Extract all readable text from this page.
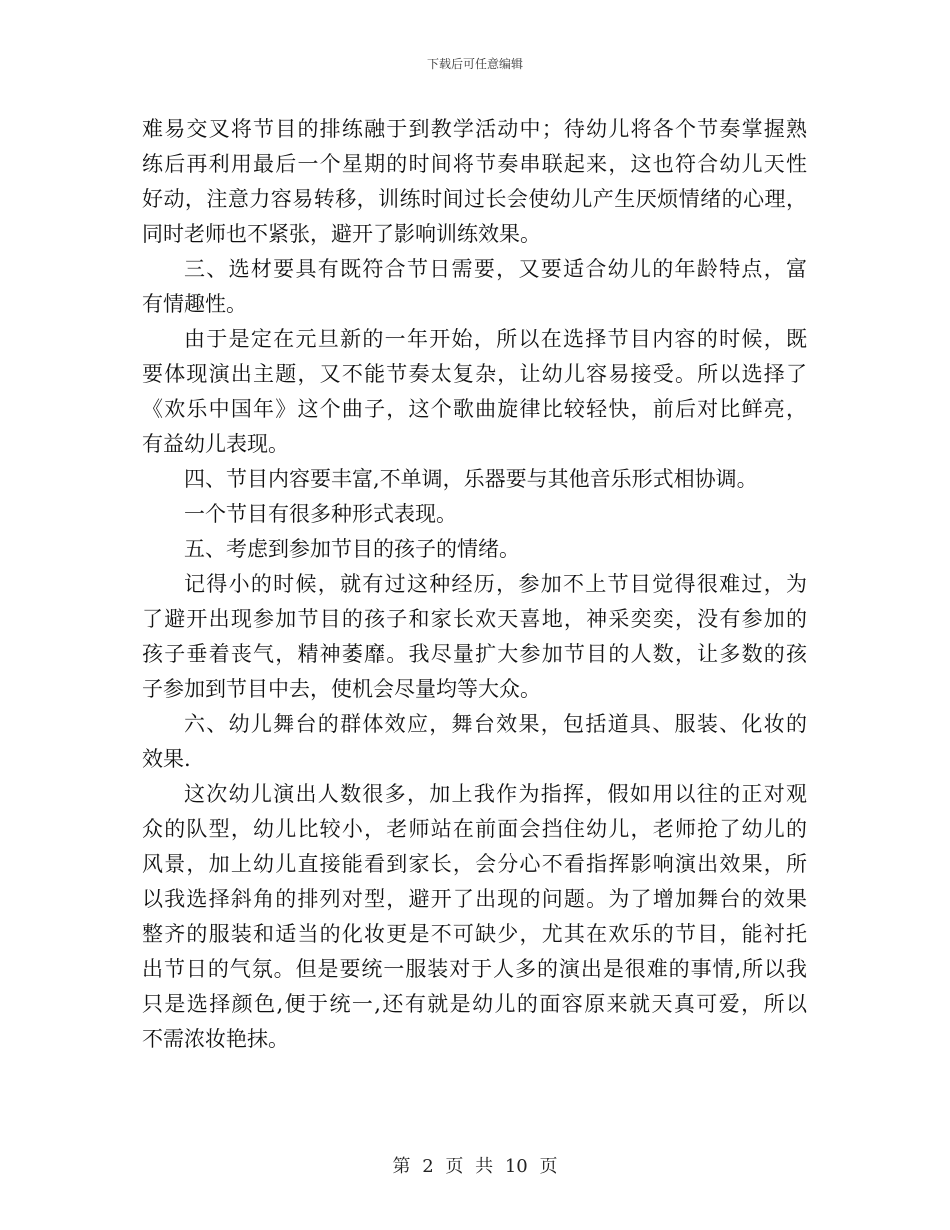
下载后可任意编辑
难易交叉将节目的排练融于到教学活动中；待幼儿将各个节奏掌握熟
练后再利用最后一个星期的时间将节奏串联起来，这也符合幼儿天性
好动，注意力容易转移，训练时间过长会使幼儿产生厌烦情绪的心理，
同时老师也不紧张，避开了影响训练效果。
三、选材要具有既符合节日需要，又要适合幼儿的年龄特点，富
有情趣性。
由于是定在元旦新的一年开始，所以在选择节目内容的时候，既
要体现演出主题，又不能节奏太复杂，让幼儿容易接受。所以选择了
《欢乐中国年》这个曲子，这个歌曲旋律比较轻快，前后对比鲜亮，
有益幼儿表现。
四、节目内容要丰富,不单调，乐器要与其他音乐形式相协调。
一个节目有很多种形式表现。
五、考虑到参加节目的孩子的情绪。
记得小的时候，就有过这种经历，参加不上节目觉得很难过，为
了避开出现参加节目的孩子和家长欢天喜地，神采奕奕，没有参加的
孩子垂着丧气，精神萎靡。我尽量扩大参加节目的人数，让多数的孩
子参加到节目中去，使机会尽量均等大众。
六、幼儿舞台的群体效应，舞台效果，包括道具、服装、化妆的
效果.
这次幼儿演出人数很多，加上我作为指挥，假如用以往的正对观
众的队型，幼儿比较小，老师站在前面会挡住幼儿，老师抢了幼儿的
风景，加上幼儿直接能看到家长，会分心不看指挥影响演出效果，所
以我选择斜角的排列对型，避开了出现的问题。为了增加舞台的效果
整齐的服装和适当的化妆更是不可缺少，尤其在欢乐的节目，能衬托
出节日的气氛。但是要统一服装对于人多的演出是很难的事情,所以我
只是选择颜色,便于统一,还有就是幼儿的面容原来就天真可爱，所以
不需浓妆艳抹。
第 2 页 共 10 页
